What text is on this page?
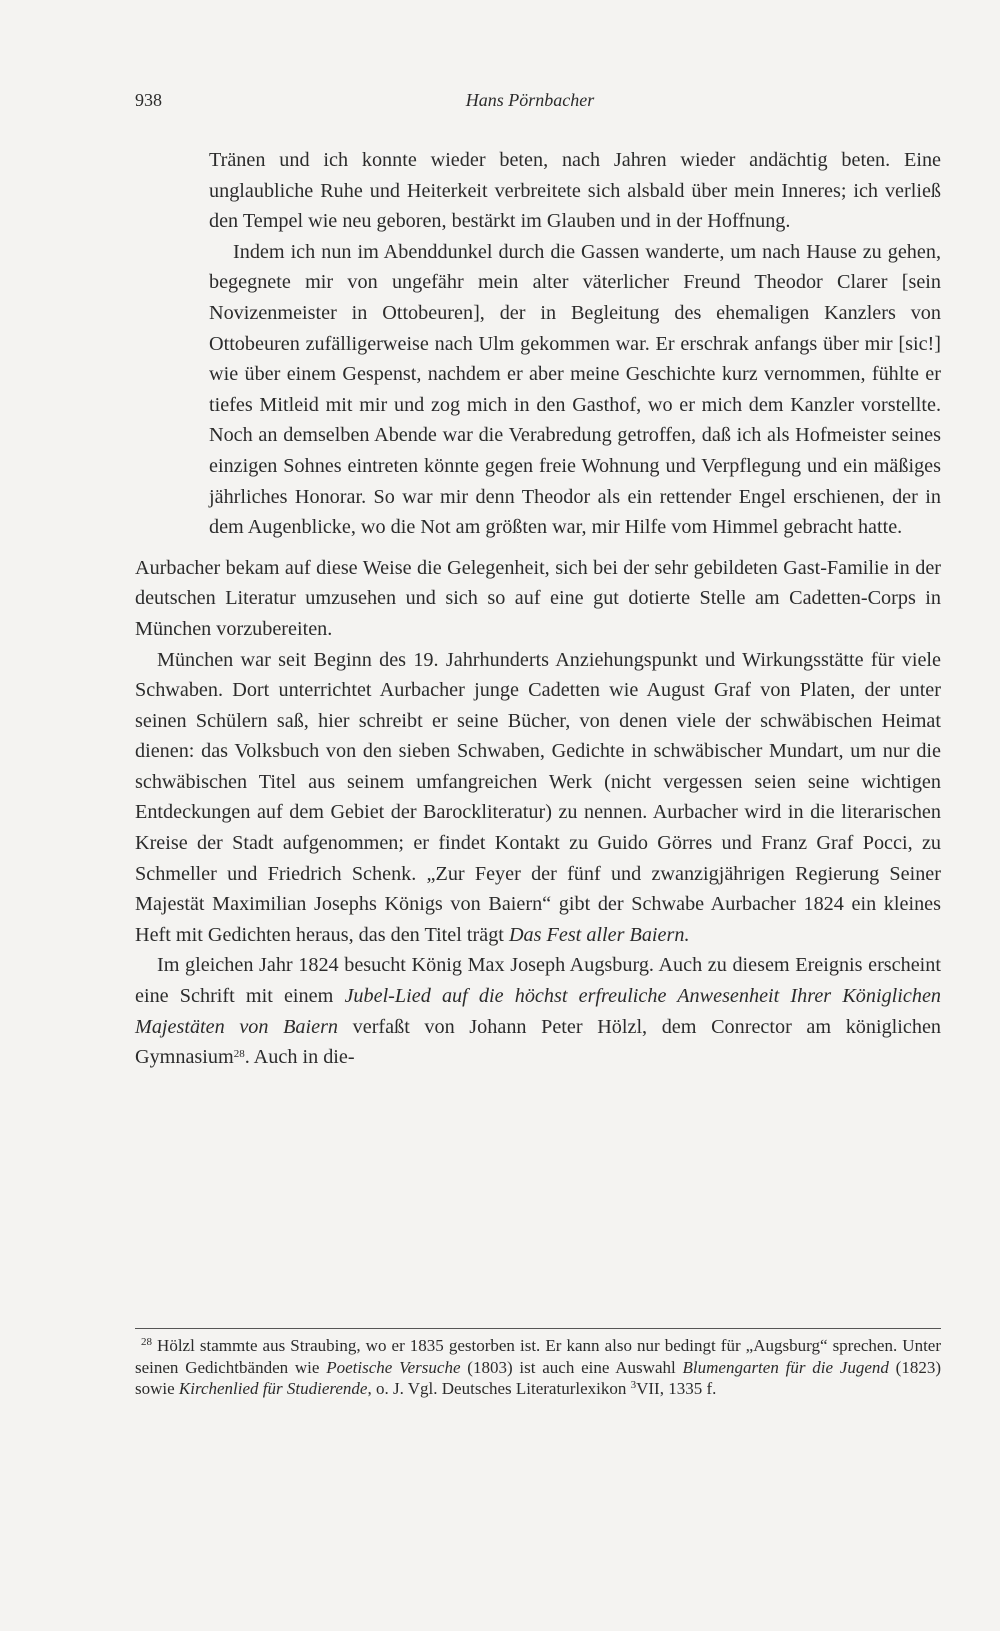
938	Hans Pörnbacher

Tränen und ich konnte wieder beten, nach Jahren wieder andächtig beten. Eine unglaubliche Ruhe und Heiterkeit verbreitete sich alsbald über mein Inneres; ich verließ den Tempel wie neu geboren, bestärkt im Glauben und in der Hoffnung.

Indem ich nun im Abenddunkel durch die Gassen wanderte, um nach Hause zu gehen, begegnete mir von ungefähr mein alter väterlicher Freund Theodor Clarer [sein Novizenmeister in Ottobeuren], der in Begleitung des ehemaligen Kanzlers von Ottobeuren zufälligerweise nach Ulm gekommen war. Er erschrak anfangs über mir [sic!] wie über einem Gespenst, nachdem er aber meine Geschichte kurz vernommen, fühlte er tiefes Mitleid mit mir und zog mich in den Gasthof, wo er mich dem Kanzler vorstellte. Noch an demselben Abende war die Verabredung getroffen, daß ich als Hofmeister seines einzigen Sohnes eintreten könnte gegen freie Wohnung und Verpflegung und ein mäßiges jährliches Honorar. So war mir denn Theodor als ein rettender Engel erschienen, der in dem Augenblicke, wo die Not am größten war, mir Hilfe vom Himmel gebracht hatte.

Aurbacher bekam auf diese Weise die Gelegenheit, sich bei der sehr gebildeten Gast-Familie in der deutschen Literatur umzusehen und sich so auf eine gut dotierte Stelle am Cadetten-Corps in München vorzubereiten.

München war seit Beginn des 19. Jahrhunderts Anziehungspunkt und Wirkungsstätte für viele Schwaben. Dort unterrichtet Aurbacher junge Cadetten wie August Graf von Platen, der unter seinen Schülern saß, hier schreibt er seine Bücher, von denen viele der schwäbischen Heimat dienen: das Volksbuch von den sieben Schwaben, Gedichte in schwäbischer Mundart, um nur die schwäbischen Titel aus seinem umfangreichen Werk (nicht vergessen seien seine wichtigen Entdeckungen auf dem Gebiet der Barockliteratur) zu nennen. Aurbacher wird in die literarischen Kreise der Stadt aufgenommen; er findet Kontakt zu Guido Görres und Franz Graf Pocci, zu Schmeller und Friedrich Schenk. „Zur Feyer der fünf und zwanzigjährigen Regierung Seiner Majestät Maximilian Josephs Königs von Baiern“ gibt der Schwabe Aurbacher 1824 ein kleines Heft mit Gedichten heraus, das den Titel trägt Das Fest aller Baiern.

Im gleichen Jahr 1824 besucht König Max Joseph Augsburg. Auch zu diesem Ereignis erscheint eine Schrift mit einem Jubel-Lied auf die höchst erfreuliche Anwesenheit Ihrer Königlichen Majestäten von Baiern verfaßt von Johann Peter Hölzl, dem Conrector am königlichen Gymnasium$^{28}$. Auch in die-

$^{28}$ Hölzl stammte aus Straubing, wo er 1835 gestorben ist. Er kann also nur bedingt für „Augsburg“ sprechen. Unter seinen Gedichtbänden wie Poetische Versuche (1803) ist auch eine Auswahl Blumengarten für die Jugend (1823) sowie Kirchenlied für Studierende, o. J. Vgl. Deutsches Literaturlexikon $^3$VII, 1335 f.
